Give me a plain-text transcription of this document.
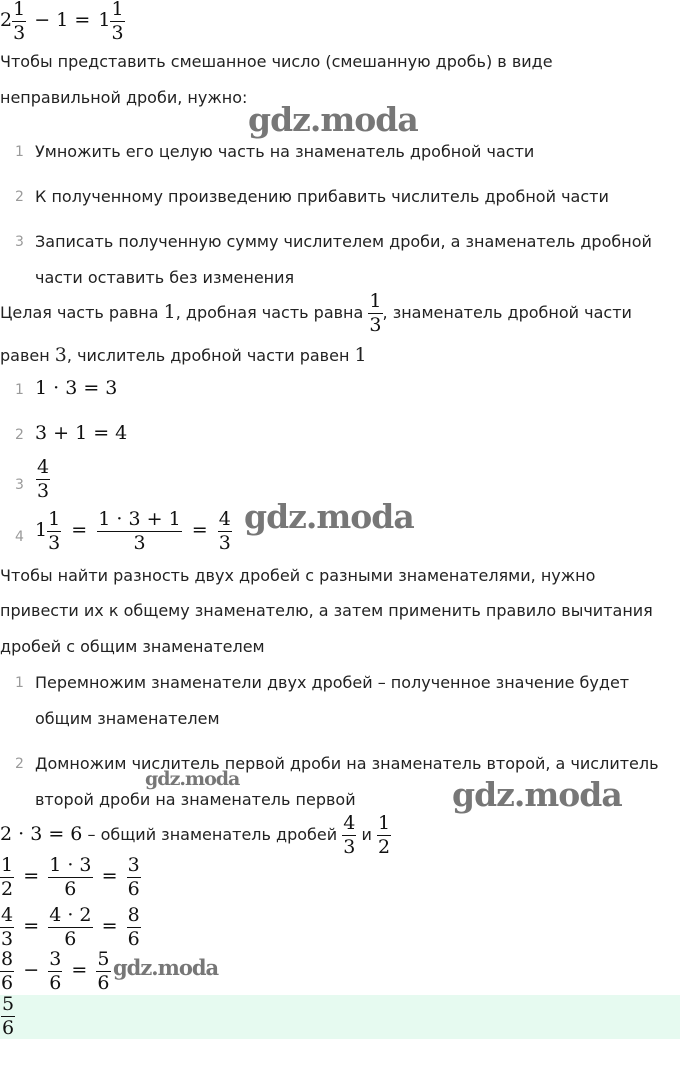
$2 \frac{1}{3} - 1 = 1 \frac{1}{3}$
Чтобы представить смешанное число (смешанную дробь) в виде
неправильной дроби, нужно:
gdz.moda
1 Умножить его целую часть на знаменатель дробной части
2 К полученному произведению прибавить числитель дробной части
3 Записать полученную сумму числителем дроби, а знаменатель дробной
части оставить без изменения
Целая часть равна 1, дробная часть равна $\frac{1}{3}$ , знаменатель дробной части
равен 3, числитель дробной части равен 1
1 1 · 3 = 3
2 3 + 1 = 4
$3 \frac{4}{3}$
4 $1 \frac{1}{3} = \frac{1 \cdot 3 + 1}{3} = \frac{4}{3}$ gdz.moda
Чтобы найти разность двух дробей с разными знаменателями, нужно
привести их к общему знаменателю, а затем применить правило вычитания
дробей с общим знаменателем
1 Перемножим знаменатели двух дробей – полученное значение будет
общим знаменателем
2 Домножим числитель первой дроби на знаменатель второй, а числитель
gdz.moda
второй дроби на знаменатель первой	gdz.moda
2 · 3 = 6 – общий знаменатель дробей $\frac{4}{3}$ и $\frac{1}{2}$
$\frac{1}{2} = \frac{1 \cdot 3}{6} = \frac{3}{6}$
$\frac{4}{3} = \frac{4 \cdot 2}{6} = \frac{8}{6}$
$\frac{8}{6} - \frac{3}{6} = \frac{5}{6}$ gdz.moda
$\frac{5}{6}$
